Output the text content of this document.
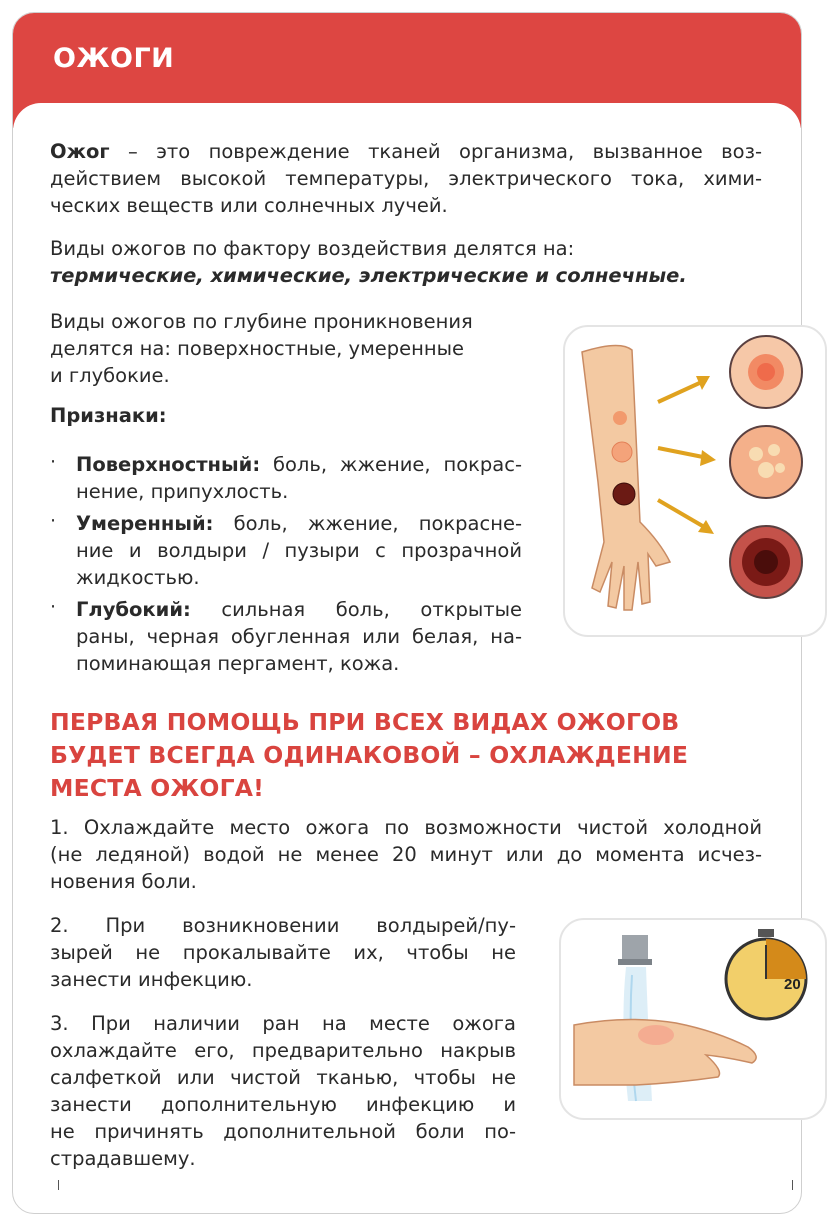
ОЖОГИ
Ожог – это повреждение тканей организма, вызванное воз-
действием высокой температуры, электрического тока, хими-
ческих веществ или солнечных лучей.
Виды ожогов по фактору воздействия делятся на:
термические, химические, электрические и солнечные.
Виды ожогов по глубине проникновения
делятся на: поверхностные, умеренные
и глубокие.
Признаки:
· Поверхностный: боль, жжение, покрас-
нение, припухлость.
· Умеренный: боль, жжение, покрасне-
ние и волдыри / пузыри с прозрачной
жидкостью.
· Глубокий: сильная боль, открытые
раны, черная обугленная или белая, на-
поминающая пергамент, кожа.
ПЕРВАЯ ПОМОЩЬ ПРИ ВСЕХ ВИДАХ ОЖОГОВ
БУДЕТ ВСЕГДА ОДИНАКОВОЙ – ОХЛАЖДЕНИЕ
МЕСТА ОЖОГА!
1. Охлаждайте место ожога по возможности чистой холодной
(не ледяной) водой не менее 20 минут или до момента исчез-
новения боли.
2. При возникновении волдырей/пу-
зырей не прокалывайте их, чтобы не
занести инфекцию.
3. При наличии ран на месте ожога
охлаждайте его, предварительно накрыв
салфеткой или чистой тканью, чтобы не
занести дополнительную инфекцию и
не причинять дополнительной боли по-
страдавшему.
20
